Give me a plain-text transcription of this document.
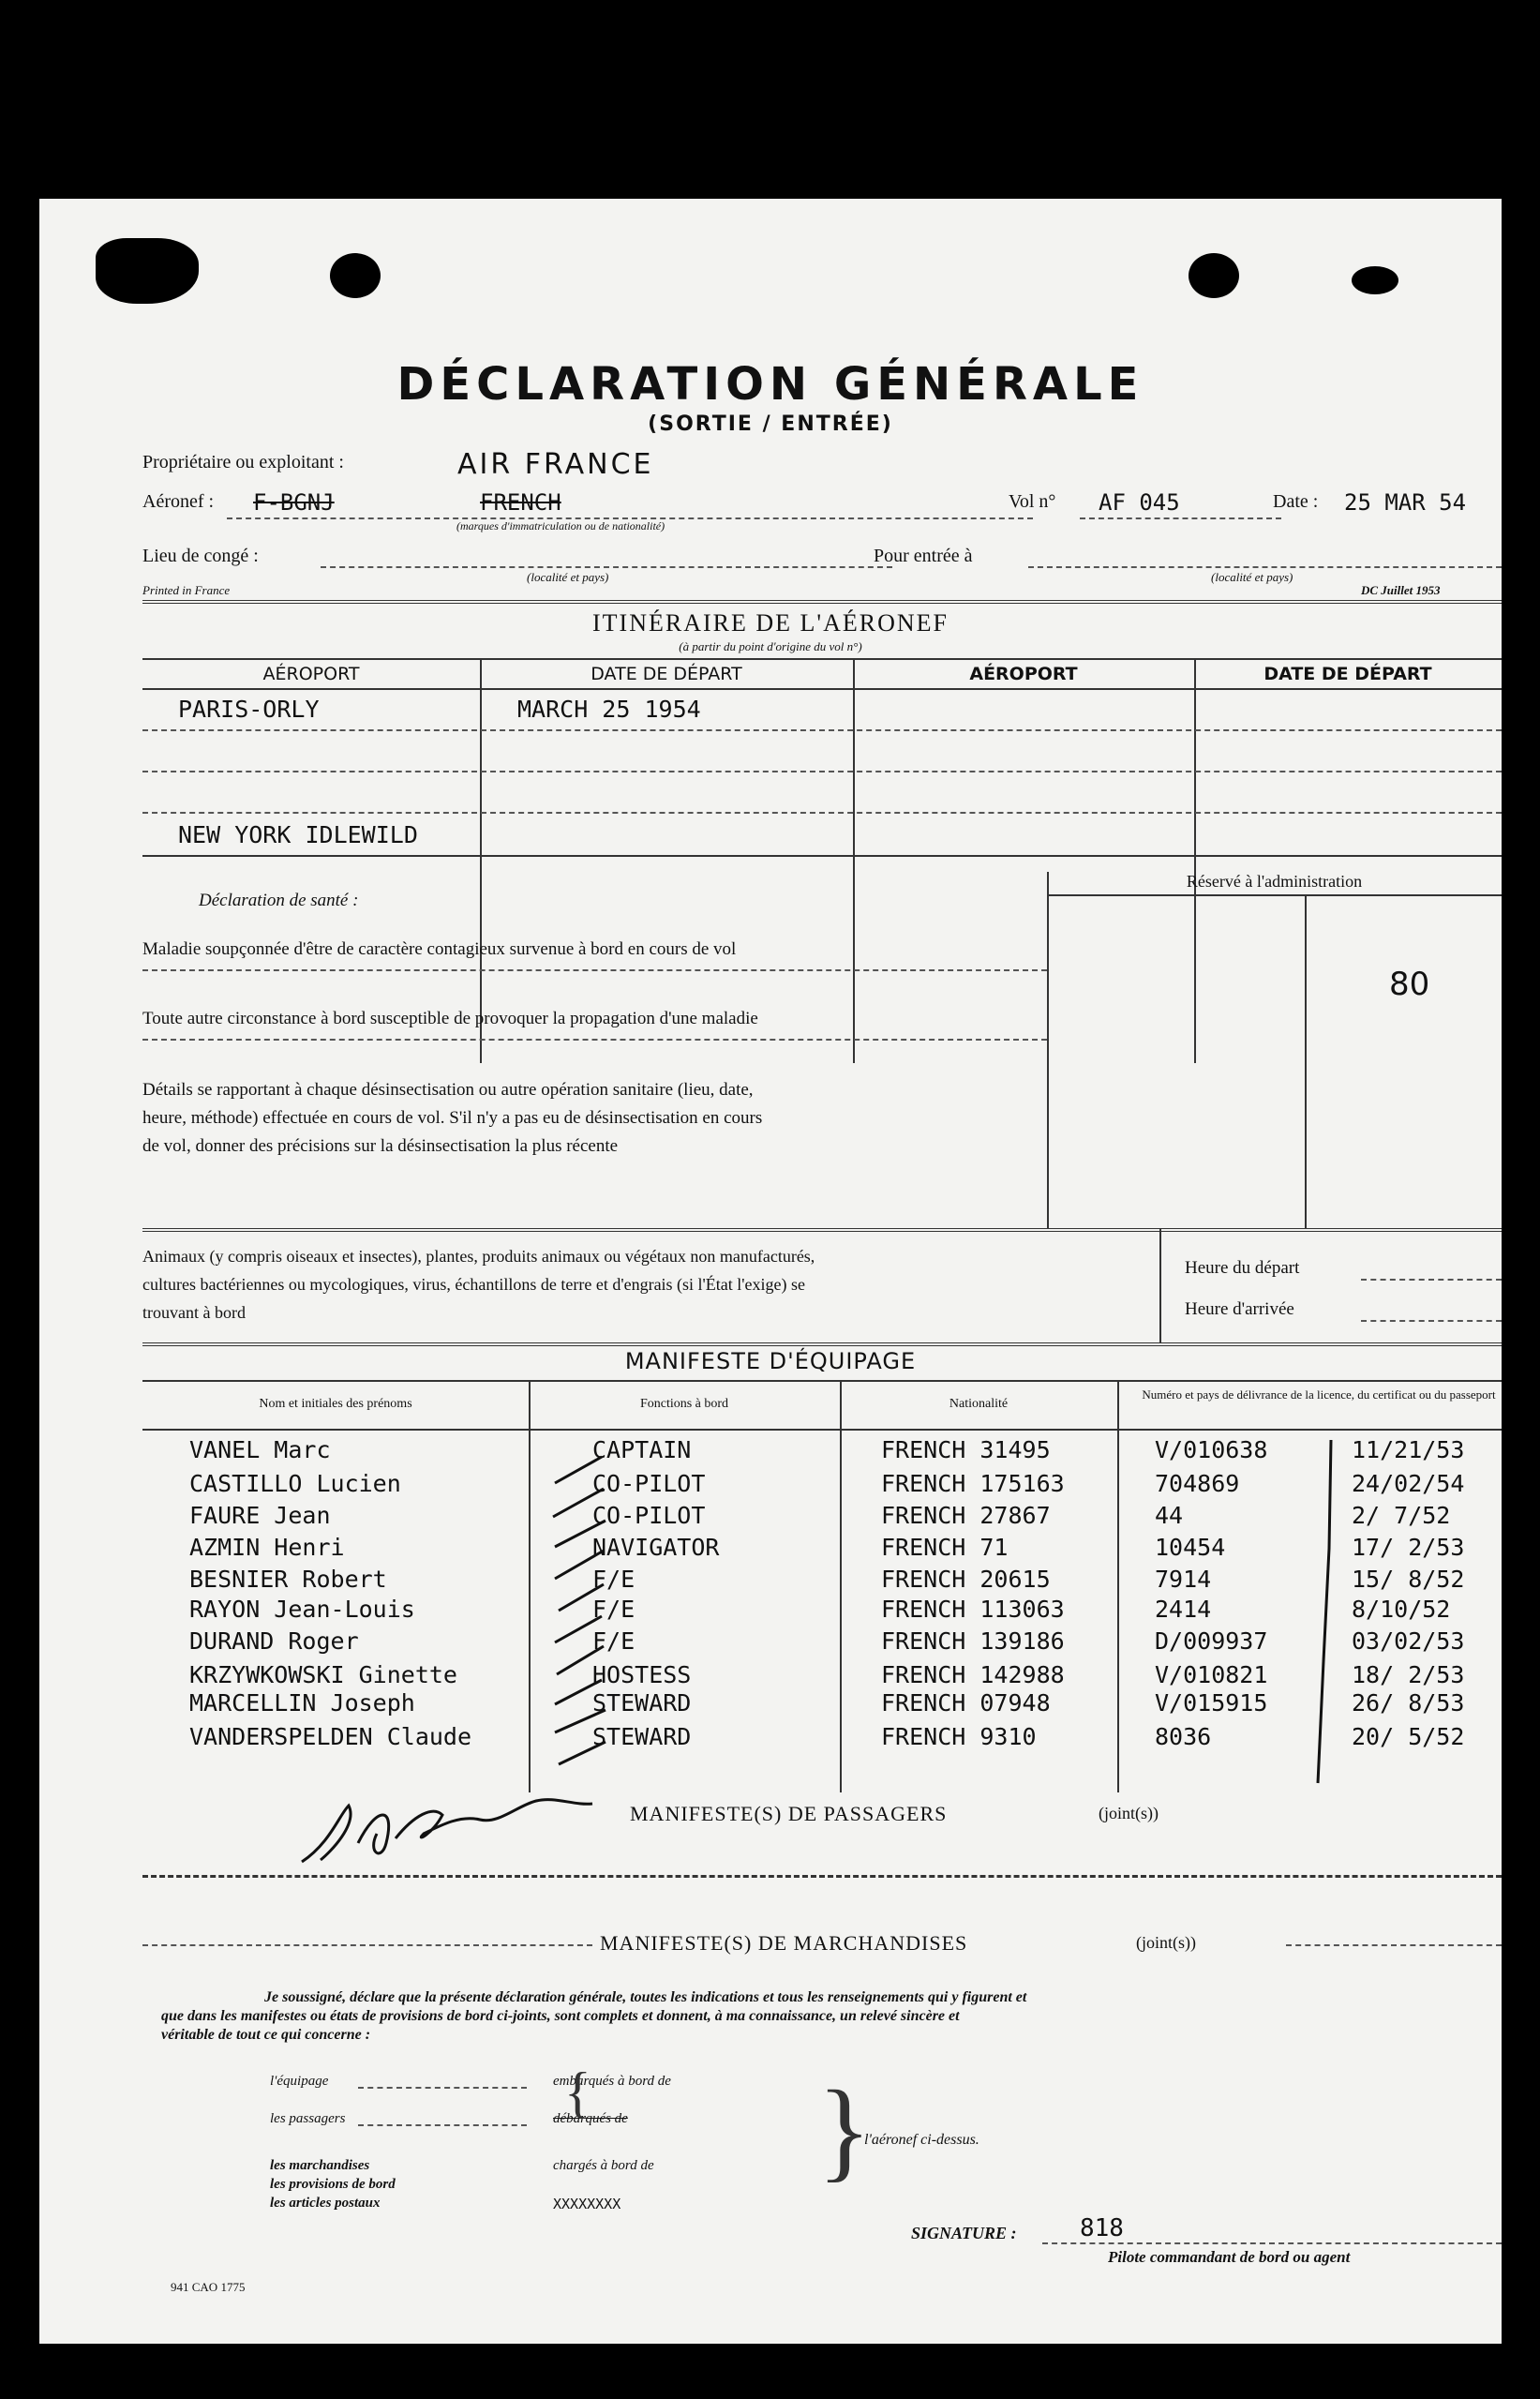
DÉCLARATION GÉNÉRALE
(SORTIE / ENTRÉE)
Propriétaire ou exploitant :	AIR FRANCE
Aéronef : F-BGNJ	FRENCH
(marques d'immatriculation ou de nationalité)
Vol n° AF 045	Date : 25 MAR 54
Lieu de congé :
(localité et pays)
Pour entrée à
(localité et pays)
Printed in France	DC Juillet 1953
ITINÉRAIRE DE L'AÉRONEF
(à partir du point d'origine du vol n°)
AÉROPORT	DATE DE DÉPART	AÉROPORT	DATE DE DÉPART
PARIS-ORLY	MARCH 25 1954
NEW YORK IDLEWILD
Réservé à l'administration
80
Déclaration de santé :
Maladie soupçonnée d'être de caractère contagieux survenue à bord en cours de vol
Toute autre circonstance à bord susceptible de provoquer la propagation d'une maladie
Détails se rapportant à chaque désinsectisation ou autre opération sanitaire (lieu, date,
heure, méthode) effectuée en cours de vol. S'il n'y a pas eu de désinsectisation en cours
de vol, donner des précisions sur la désinsectisation la plus récente
Animaux (y compris oiseaux et insectes), plantes, produits animaux ou végétaux non manufacturés,
cultures bactériennes ou mycologiques, virus, échantillons de terre et d'engrais (si l'État l'exige) se
trouvant à bord
Heure du départ
Heure d'arrivée
MANIFESTE D'ÉQUIPAGE
Nom et initiales des prénoms	Fonctions à bord	Nationalité
Numéro et pays de délivrance de la licence, du certificat ou du passeport
VANEL Marc	CAPTAIN	FRENCH 31495	V/010638	11/21/53
CASTILLO Lucien	CO-PILOT	FRENCH 175163	704869	24/02/54
FAURE Jean	CO-PILOT	FRENCH 27867	44	2/ 7/52
AZMIN Henri	NAVIGATOR	FRENCH 71	10454	17/ 2/53
BESNIER Robert	F/E	FRENCH 20615	7914	15/ 8/52
RAYON Jean-Louis	F/E	FRENCH 113063	2414	8/10/52
DURAND Roger	F/E	FRENCH 139186	D/009937	03/02/53
KRZYWKOWSKI Ginette	HOSTESS	FRENCH 142988	V/010821	18/ 2/53
MARCELLIN Joseph	STEWARD	FRENCH 07948	V/015915	26/ 8/53
VANDERSPELDEN Claude	STEWARD	FRENCH 9310	8036	20/ 5/52
MANIFESTE(S) DE PASSAGERS	(joint(s))
MANIFESTE(S) DE MARCHANDISES	(joint(s))
Je soussigné, déclare que la présente déclaration générale, toutes les indications et tous les renseignements qui y figurent et
que dans les manifestes ou états de provisions de bord ci-joints, sont complets et donnent, à ma connaissance, un relevé sincère et
véritable de tout ce qui concerne :
l'équipage	embarqués à bord de
les passagers	débarqués de
les marchandises	chargés à bord de
les provisions de bord
les articles postaux	XXXXXXXX
{ }
l'aéronef ci-dessus.
SIGNATURE :	818
Pilote commandant de bord ou agent
941 CAO 1775
